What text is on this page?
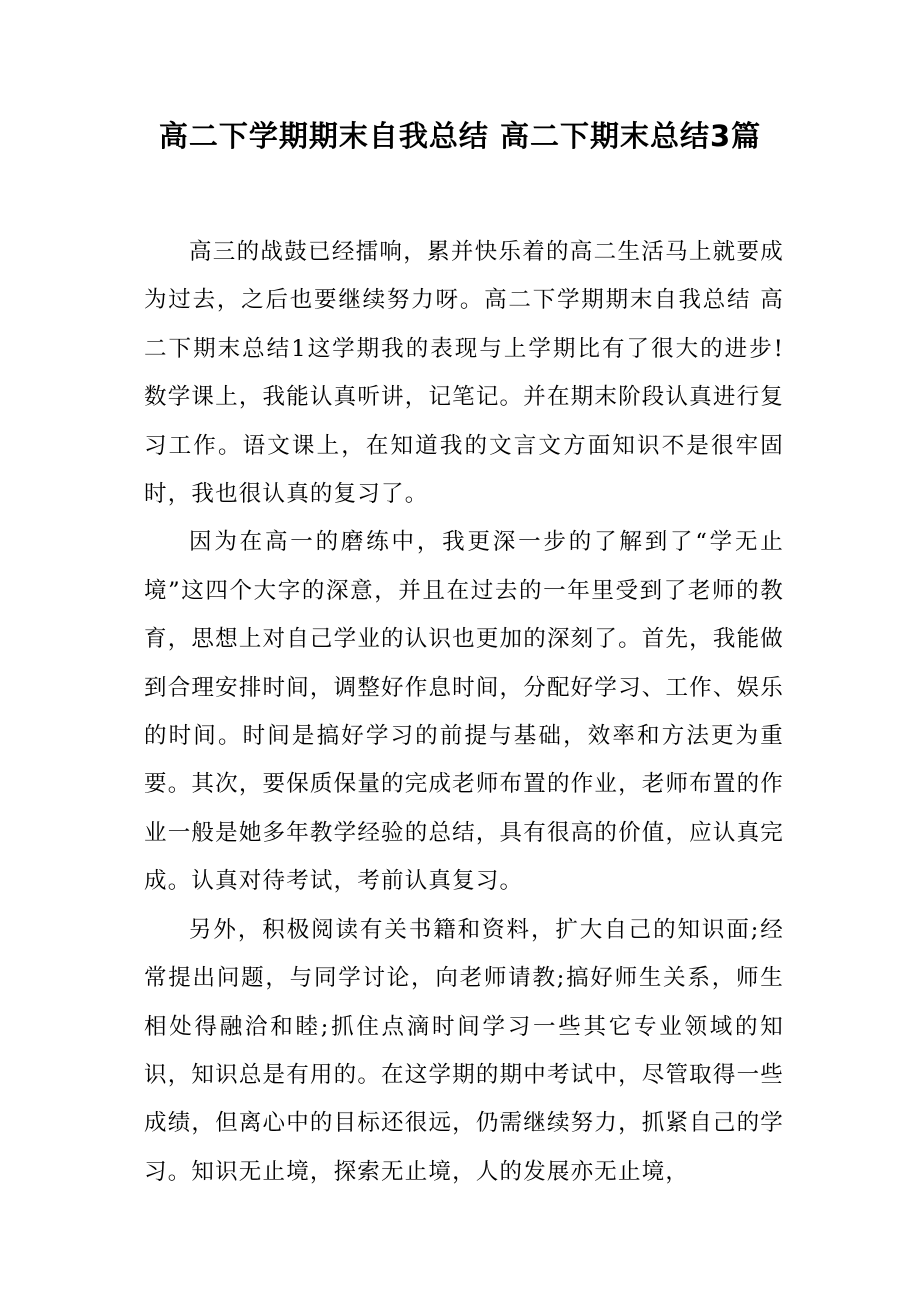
高二下学期期末自我总结 高二下期末总结3篇

高三的战鼓已经擂响，累并快乐着的高二生活马上就要成为过去，之后也要继续努力呀。高二下学期期末自我总结 高二下期末总结1这学期我的表现与上学期比有了很大的进步!数学课上，我能认真听讲，记笔记。并在期末阶段认真进行复习工作。语文课上，在知道我的文言文方面知识不是很牢固时，我也很认真的复习了。

因为在高一的磨练中，我更深一步的了解到了“学无止境”这四个大字的深意，并且在过去的一年里受到了老师的教育，思想上对自己学业的认识也更加的深刻了。首先，我能做到合理安排时间，调整好作息时间，分配好学习、工作、娱乐的时间。时间是搞好学习的前提与基础，效率和方法更为重要。其次，要保质保量的完成老师布置的作业，老师布置的作业一般是她多年教学经验的总结，具有很高的价值，应认真完成。认真对待考试，考前认真复习。

另外，积极阅读有关书籍和资料，扩大自己的知识面;经常提出问题，与同学讨论，向老师请教;搞好师生关系，师生相处得融洽和睦;抓住点滴时间学习一些其它专业领域的知识，知识总是有用的。在这学期的期中考试中，尽管取得一些成绩，但离心中的目标还很远，仍需继续努力，抓紧自己的学习。知识无止境，探索无止境，人的发展亦无止境，
